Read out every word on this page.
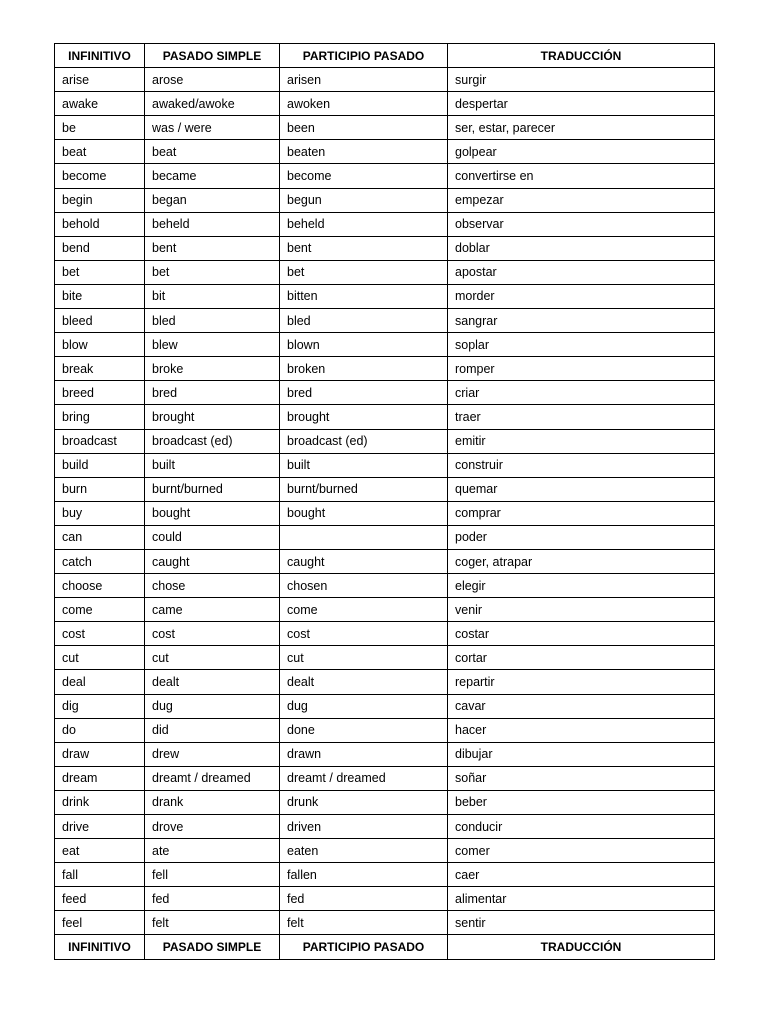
INFINITIVO	PASADO SIMPLE	PARTICIPIO PASADO	TRADUCCIÓN
arise	arose	arisen	surgir
awake	awaked/awoke	awoken	despertar
be	was / were	been	ser, estar, parecer
beat	beat	beaten	golpear
become	became	become	convertirse en
begin	began	begun	empezar
behold	beheld	beheld	observar
bend	bent	bent	doblar
bet	bet	bet	apostar
bite	bit	bitten	morder
bleed	bled	bled	sangrar
blow	blew	blown	soplar
break	broke	broken	romper
breed	bred	bred	criar
bring	brought	brought	traer
broadcast	broadcast (ed)	broadcast (ed)	emitir
build	built	built	construir
burn	burnt/burned	burnt/burned	quemar
buy	bought	bought	comprar
can	could		poder
catch	caught	caught	coger, atrapar
choose	chose	chosen	elegir
come	came	come	venir
cost	cost	cost	costar
cut	cut	cut	cortar
deal	dealt	dealt	repartir
dig	dug	dug	cavar
do	did	done	hacer
draw	drew	drawn	dibujar
dream	dreamt / dreamed	dreamt / dreamed	soñar
drink	drank	drunk	beber
drive	drove	driven	conducir
eat	ate	eaten	comer
fall	fell	fallen	caer
feed	fed	fed	alimentar
feel	felt	felt	sentir
INFINITIVO	PASADO SIMPLE	PARTICIPIO PASADO	TRADUCCIÓN
